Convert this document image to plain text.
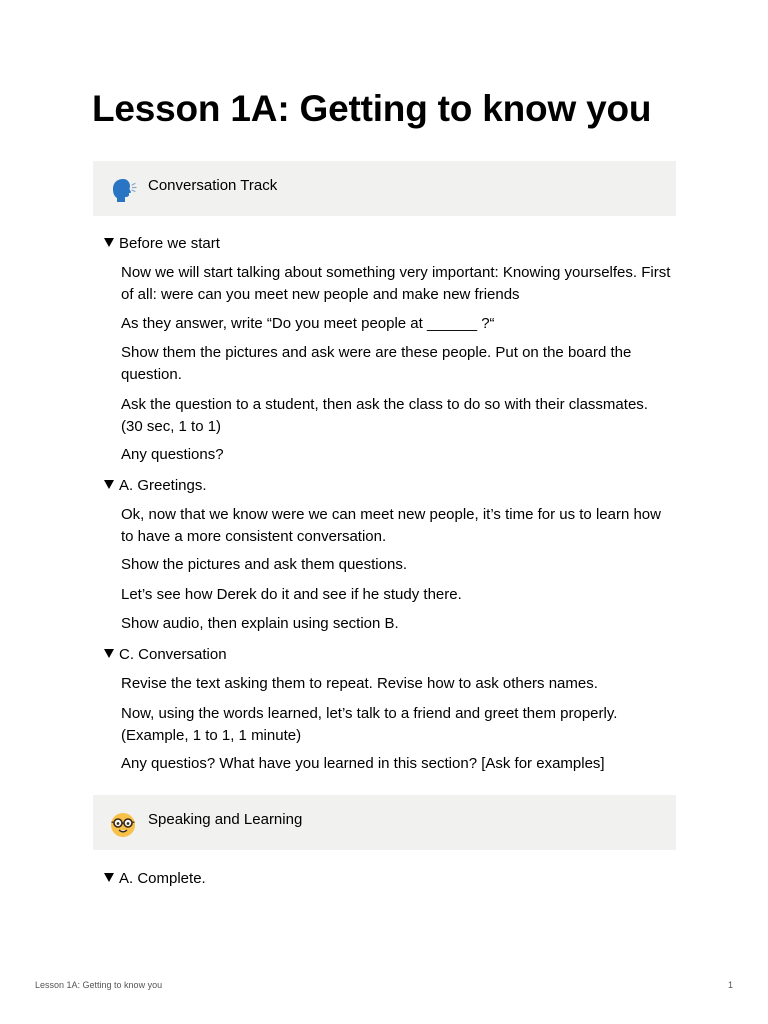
Lesson 1A: Getting to know you
Conversation Track
Before we start

Now we will start talking about something very important: Knowing yourselfes. First of all: were can you meet new people and make new friends

As they answer, write “Do you meet people at ______ ?“

Show them the pictures and ask were are these people. Put on the board the question.

Ask the question to a student, then ask the class to do so with their classmates. (30 sec, 1 to 1)

Any questions?

A. Greetings.

Ok, now that we know were we can meet new people, it’s time for us to learn how to have a more consistent conversation.

Show the pictures and ask them questions.

Let’s see how Derek do it and see if he study there.

Show audio, then explain using section B.

C. Conversation

Revise the text asking them to repeat. Revise how to ask others names.

Now, using the words learned, let’s talk to a friend and greet them properly. (Example, 1 to 1, 1 minute)

Any questios? What have you learned in this section? [Ask for examples]

Speaking and Learning
A. Complete.
Lesson 1A: Getting to know you	1
